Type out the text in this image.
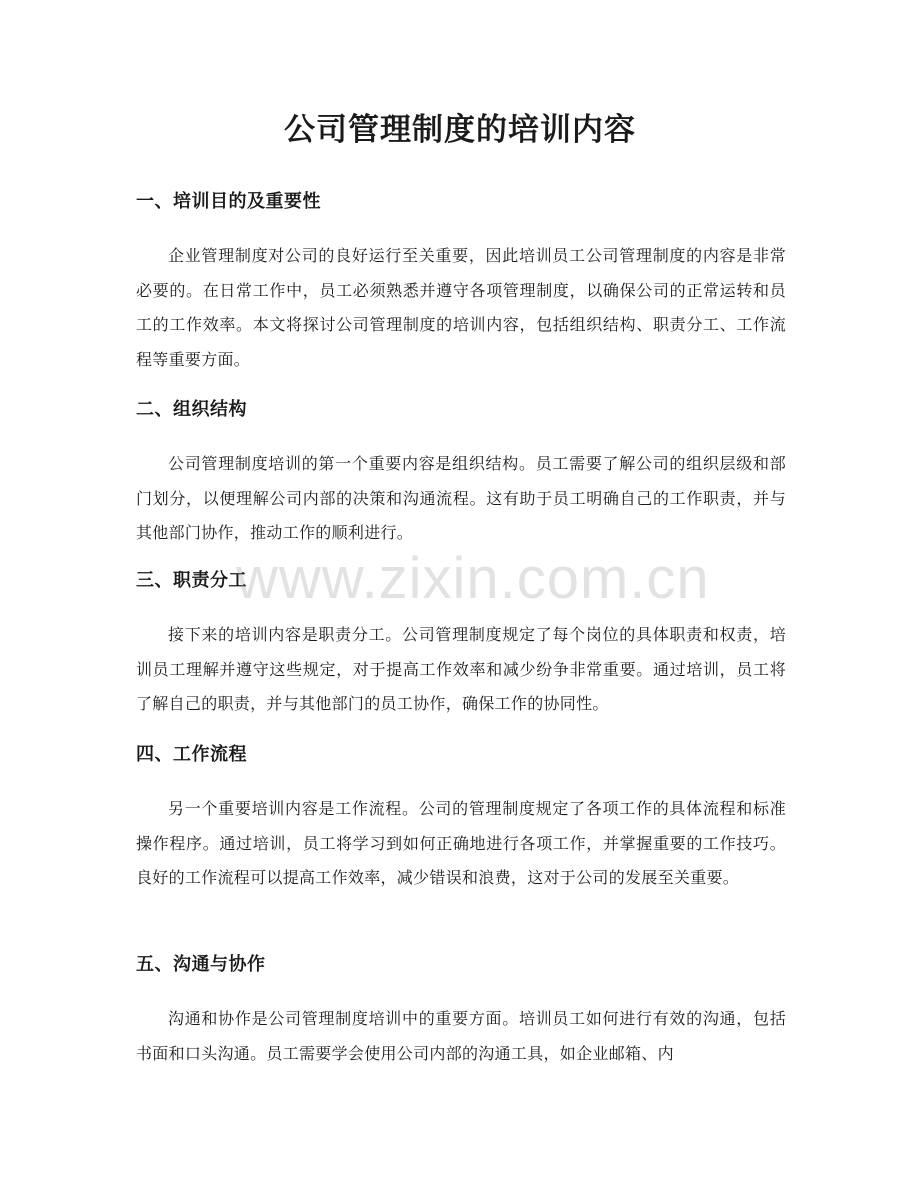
公司管理制度的培训内容
一、培训目的及重要性

企业管理制度对公司的良好运行至关重要，因此培训员工公司管理制度的内容是非常必要的。在日常工作中，员工必须熟悉并遵守各项管理制度，以确保公司的正常运转和员工的工作效率。本文将探讨公司管理制度的培训内容，包括组织结构、职责分工、工作流程等重要方面。

二、组织结构

公司管理制度培训的第一个重要内容是组织结构。员工需要了解公司的组织层级和部门划分，以便理解公司内部的决策和沟通流程。这有助于员工明确自己的工作职责，并与其他部门协作，推动工作的顺利进行。

三、职责分工

接下来的培训内容是职责分工。公司管理制度规定了每个岗位的具体职责和权责，培训员工理解并遵守这些规定，对于提高工作效率和减少纷争非常重要。通过培训，员工将了解自己的职责，并与其他部门的员工协作，确保工作的协同性。

四、工作流程

另一个重要培训内容是工作流程。公司的管理制度规定了各项工作的具体流程和标准操作程序。通过培训，员工将学习到如何正确地进行各项工作，并掌握重要的工作技巧。良好的工作流程可以提高工作效率，减少错误和浪费，这对于公司的发展至关重要。

五、沟通与协作

沟通和协作是公司管理制度培训中的重要方面。培训员工如何进行有效的沟通，包括书面和口头沟通。员工需要学会使用公司内部的沟通工具，如企业邮箱、内

www.zixin.com.cn
